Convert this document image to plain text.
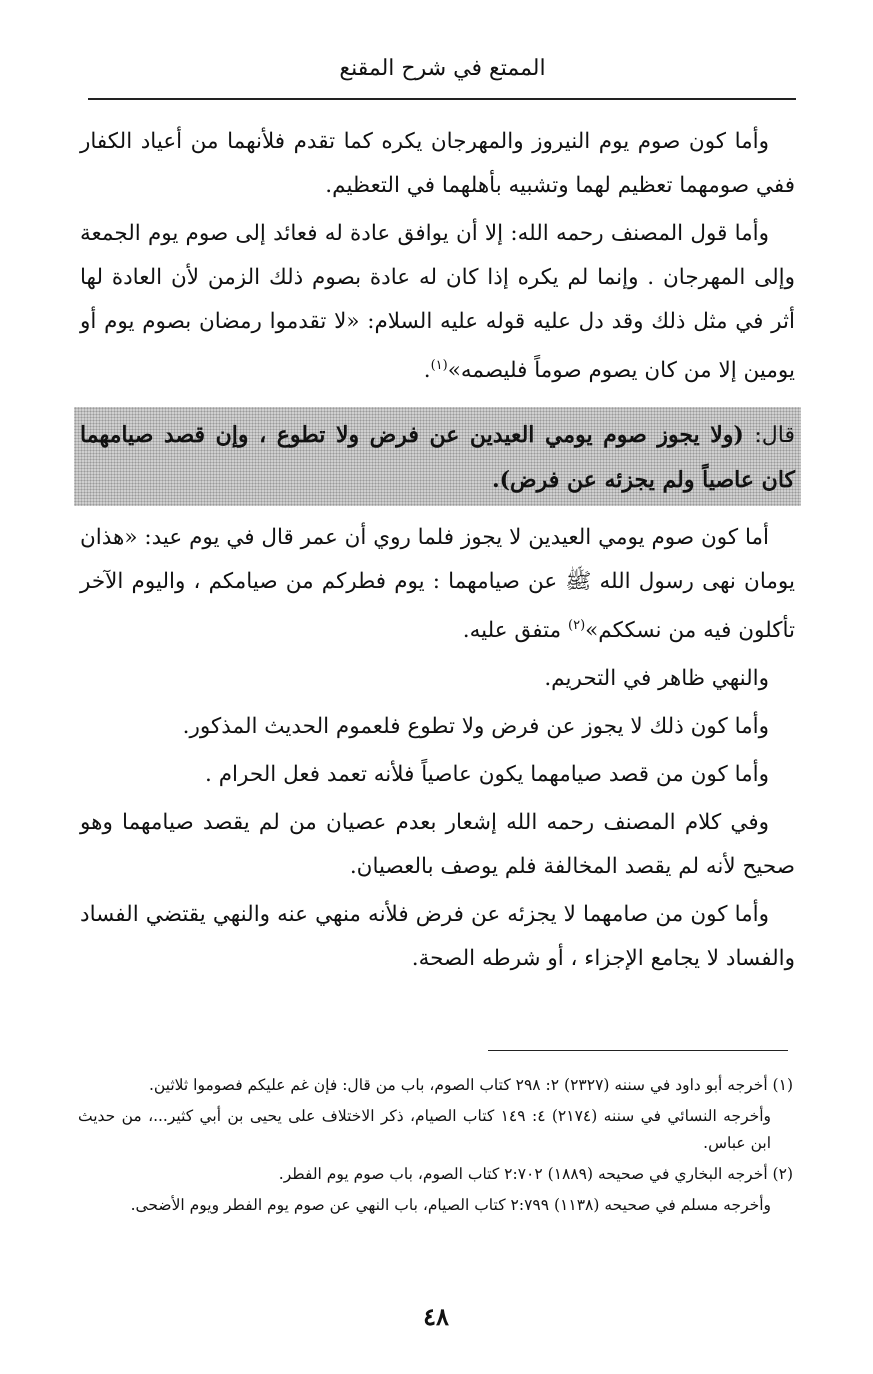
الممتع في شرح المقنع

وأما كون صوم يوم النيروز والمهرجان يكره كما تقدم فلأنهما من أعياد الكفار ففي صومهما تعظيم لهما وتشبيه بأهلهما في التعظيم.

وأما قول المصنف رحمه الله: إلا أن يوافق عادة له فعائد إلى صوم يوم الجمعة وإلى المهرجان . وإنما لم يكره إذا كان له عادة بصوم ذلك الزمن لأن العادة لها أثر في مثل ذلك وقد دل عليه قوله عليه السلام: «لا تقدموا رمضان بصوم يوم أو يومين إلا من كان يصوم صوماً فليصمه»$^{(١)}$.

قال: (ولا يجوز صوم يومي العيدين عن فرض ولا تطوع ، وإن قصد صيامهما كان عاصياً ولم يجزئه عن فرض).

أما كون صوم يومي العيدين لا يجوز فلما روي أن عمر قال في يوم عيد: «هذان يومان نهى رسول الله ﷺ عن صيامهما : يوم فطركم من صيامكم ، واليوم الآخر تأكلون فيه من نسككم»$^{(٢)}$ متفق عليه.

والنهي ظاهر في التحريم.

وأما كون ذلك لا يجوز عن فرض ولا تطوع فلعموم الحديث المذكور.

وأما كون من قصد صيامهما يكون عاصياً فلأنه تعمد فعل الحرام .

وفي كلام المصنف رحمه الله إشعار بعدم عصيان من لم يقصد صيامهما وهو صحيح لأنه لم يقصد المخالفة فلم يوصف بالعصيان.

وأما كون من صامهما لا يجزئه عن فرض فلأنه منهي عنه والنهي يقتضي الفساد والفساد لا يجامع الإجزاء ، أو شرطه الصحة.

(١) أخرجه أبو داود في سننه (٢٣٢٧) ٢: ٢٩٨ كتاب الصوم، باب من قال: فإن غم عليكم فصوموا ثلاثين.

وأخرجه النسائي في سننه (٢١٧٤) ٤: ١٤٩ كتاب الصيام، ذكر الاختلاف على يحيى بن أبي كثير...، من حديث ابن عباس.

(٢) أخرجه البخاري في صحيحه (١٨٨٩) ٢:٧٠٢ كتاب الصوم، باب صوم يوم الفطر.

وأخرجه مسلم في صحيحه (١١٣٨) ٢:٧٩٩ كتاب الصيام، باب النهي عن صوم يوم الفطر ويوم الأضحى.

٤٨
